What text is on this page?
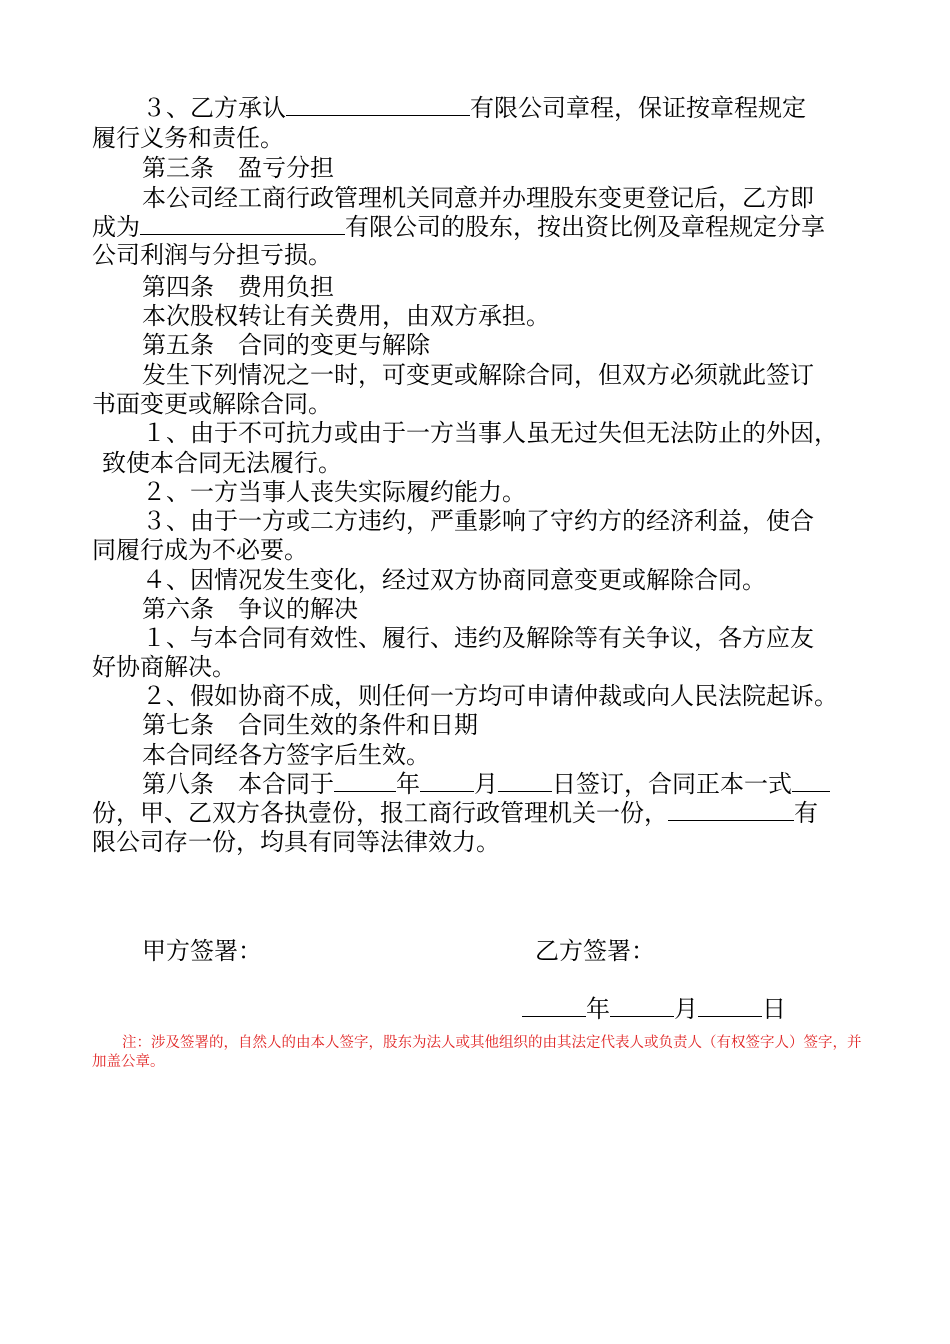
３、乙方承认	有限公司章程，保证按章程规定
履行义务和责任。
第三条　盈亏分担
本公司经工商行政管理机关同意并办理股东变更登记后，乙方即
成为	有限公司的股东，按出资比例及章程规定分享
公司利润与分担亏损。
第四条　费用负担
本次股权转让有关费用，由双方承担。
第五条　合同的变更与解除
发生下列情况之一时，可变更或解除合同，但双方必须就此签订
书面变更或解除合同。
１、由于不可抗力或由于一方当事人虽无过失但无法防止的外因，
致使本合同无法履行。
２、一方当事人丧失实际履约能力。
３、由于一方或二方违约，严重影响了守约方的经济利益，使合
同履行成为不必要。
４、因情况发生变化，经过双方协商同意变更或解除合同。
第六条　争议的解决
１、与本合同有效性、履行、违约及解除等有关争议，各方应友
好协商解决。
２、假如协商不成，则任何一方均可申请仲裁或向人民法院起诉。
第七条　合同生效的条件和日期
本合同经各方签字后生效。
第八条　本合同于	年 月 日签订，合同正本一式
份，甲、乙双方各执壹份，报工商行政管理机关一份，	有
限公司存一份，均具有同等法律效力。
甲方签署：	乙方签署：
年	月	日
注：涉及签署的，自然人的由本人签字，股东为法人或其他组织的由其法定代表人或负责人（有权签字人）签字，并加盖公章。
